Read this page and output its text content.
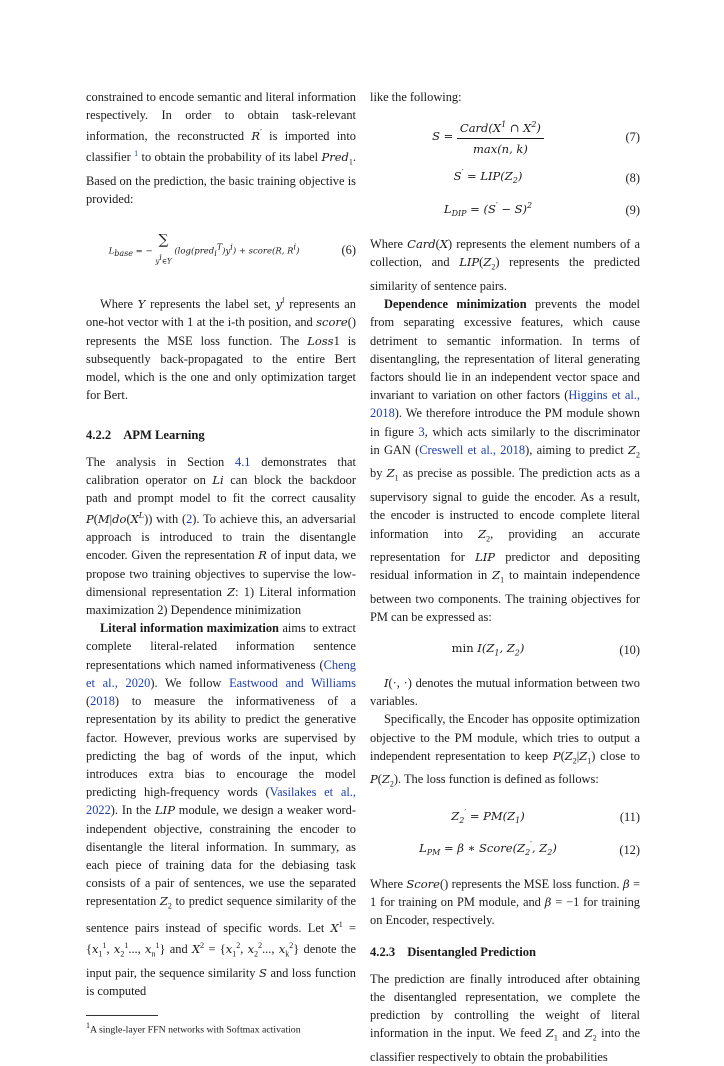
constrained to encode semantic and literal information respectively. In order to obtain task-relevant information, the reconstructed R′ is imported into classifier $^1$ to obtain the probability of its label Pred$_1$. Based on the prediction, the basic training objective is provided:

$L_{base}$ = −
∑
$y^i\in Y$
$(\log(pred_i^T)y^i)$ + score(R, $R^i$)	(6)

Where Y represents the label set, $y^i$ represents an one-hot vector with 1 at the i-th position, and score() represents the MSE loss function. The Loss1 is subsequently back-propagated to the entire Bert model, which is the one and only optimization target for Bert.

4.2.2 APM Learning

The analysis in Section 4.1 demonstrates that calibration operator on Li can block the backdoor path and prompt model to fit the correct causality $P(M|do(X^L))$ with (2). To achieve this, an adversarial approach is introduced to train the disentangle encoder. Given the representation R of input data, we propose two training objectives to supervise the low-dimensional representation Z: 1) Literal information maximization 2) Dependence minimization

Literal information maximization aims to extract complete literal-related information sentence representations which named informativeness (Cheng et al., 2020). We follow Eastwood and Williams (2018) to measure the informativeness of a representation by its ability to predict the generative factor. However, previous works are supervised by predicting the bag of words of the input, which introduces extra bias to encourage the model predicting high-frequency words (Vasilakes et al., 2022). In the LIP module, we design a weaker word-independent objective, constraining the encoder to disentangle the literal information. In summary, as each piece of training data for the debiasing task consists of a pair of sentences, we use the separated representation $Z_2$ to predict sequence similarity of the sentence pairs instead of specific words. Let $X^1 = \{x_1^1$, $x_2^1$..., $x_n^1$} and $X^2 = \{x_1^2$, $x_2^2$..., $x_k^2$} denote the input pair, the sequence similarity S and loss function is computed

$^1$A single-layer FFN networks with Softmax activation

like the following:

$S = \frac{Card(X^1 \cap X^2)}{\max(n, k)}$	(7)
$S' = LIP(Z_2)$	(8)
$L_{DIP} = (S' - S)^2$	(9)

Where Card(X) represents the element numbers of a collection, and $LIP(Z_2)$ represents the predicted similarity of sentence pairs.

Dependence minimization prevents the model from separating excessive features, which cause detriment to semantic information. In terms of disentangling, the representation of literal generating factors should lie in an independent vector space and invariant to variation on other factors (Higgins et al., 2018). We therefore introduce the PM module shown in figure 3, which acts similarly to the discriminator in GAN (Creswell et al., 2018), aiming to predict $Z_2$ by $Z_1$ as precise as possible. The prediction acts as a supervisory signal to guide the encoder. As a result, the encoder is instructed to encode complete literal information into $Z_2$, providing an accurate representation for LIP predictor and depositing residual information in $Z_1$ to maintain independence between two components. The training objectives for PM can be expressed as:

$\min I(Z_1$, $Z_2$)	(10)

I(·, ·) denotes the mutual information between two variables.

Specifically, the Encoder has opposite optimization objective to the PM module, which tries to output a independent representation to keep $P(Z_2|Z_1)$ close to $P(Z_2)$. The loss function is defined as follows:

$Z_2' = PM(Z_1)$	(11)
$L_{PM} = \beta$ ∗ $Score(Z_2'$, $Z_2$)	(12)

Where Score() represents the MSE loss function. β = 1 for training on PM module, and β = −1 for training on Encoder, respectively.

4.2.3 Disentangled Prediction

The prediction are finally introduced after obtaining the disentangled representation, we complete the prediction by controlling the weight of literal information in the input. We feed $Z_1$ and $Z_2$ into the classifier respectively to obtain the probabilities
